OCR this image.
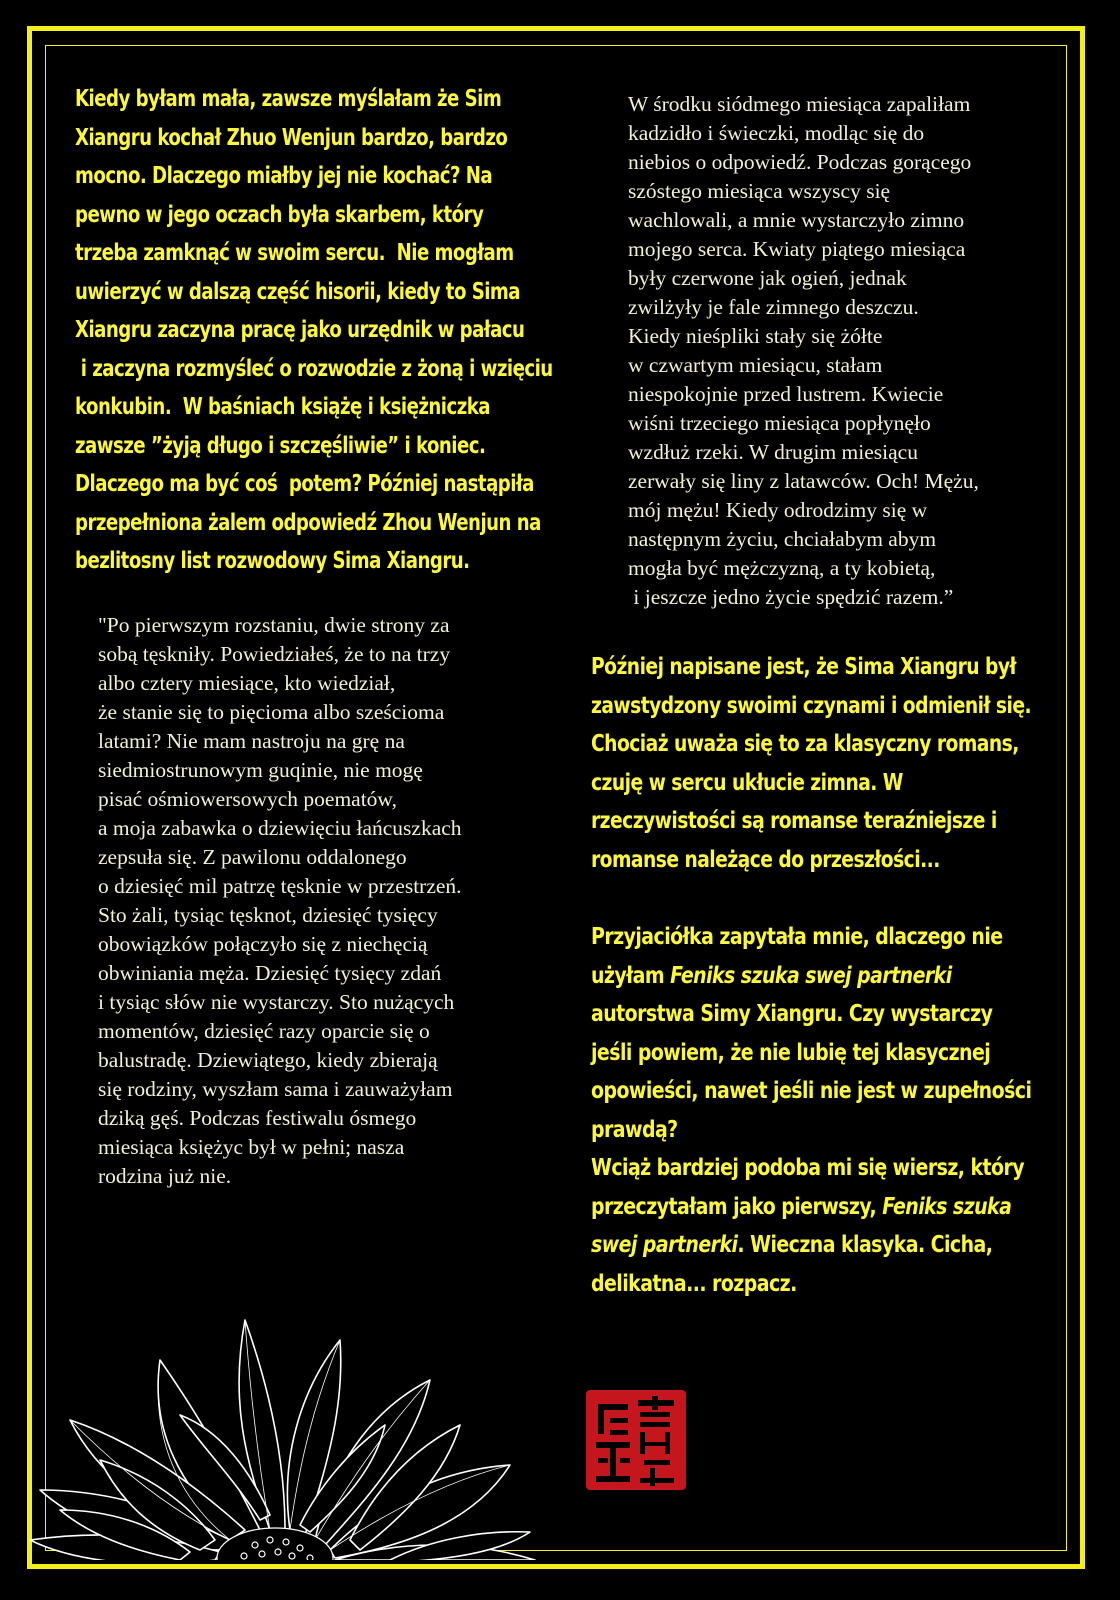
Kiedy byłam mała, zawsze myślałam że Sim

Xiangru kochał Zhuo Wenjun bardzo, bardzo

mocno. Dlaczego miałby jej nie kochać? Na

pewno w jego oczach była skarbem, który

trzeba zamknąć w swoim sercu.  Nie mogłam

uwierzyć w dalszą część hisorii, kiedy to Sima

Xiangru zaczyna pracę jako urzędnik w pałacu

i zaczyna rozmyśleć o rozwodzie z żoną i wzięciu

konkubin.  W baśniach książę i księżniczka

zawsze ”żyją długo i szczęśliwie” i koniec.

Dlaczego ma być coś  potem? Później nastąpiła

przepełniona żalem odpowiedź Zhou Wenjun na

bezlitosny list rozwodowy Sima Xiangru.

W środku siódmego miesiąca zapaliłam

kadzidło i świeczki, modląc się do

niebios o odpowiedź. Podczas gorącego

szóstego miesiąca wszyscy się

wachlowali, a mnie wystarczyło zimno

mojego serca. Kwiaty piątego miesiąca

były czerwone jak ogień, jednak

zwilżyły je fale zimnego deszczu.

Kiedy nieśpliki stały się żółte

w czwartym miesiącu, stałam

niespokojnie przed lustrem. Kwiecie

wiśni trzeciego miesiąca popłynęło

wzdłuż rzeki. W drugim miesiącu

zerwały się liny z latawców. Och! Mężu,

mój mężu! Kiedy odrodzimy się w

następnym życiu, chciałabym abym

mogła być mężczyzną, a ty kobietą,

i jeszcze jedno życie spędzić razem.”

"Po pierwszym rozstaniu, dwie strony za

sobą tęskniły. Powiedziałeś, że to na trzy

albo cztery miesiące, kto wiedział,

że stanie się to pięcioma albo sześcioma

latami? Nie mam nastroju na grę na

siedmiostrunowym guqinie, nie mogę

pisać ośmiowersowych poematów,

a moja zabawka o dziewięciu łańcuszkach

zepsuła się. Z pawilonu oddalonego

o dziesięć mil patrzę tęsknie w przestrzeń.

Sto żali, tysiąc tęsknot, dziesięć tysięcy

obowiązków połączyło się z niechęcią

obwiniania męża. Dziesięć tysięcy zdań

i tysiąc słów nie wystarczy. Sto nużących

momentów, dziesięć razy oparcie się o

balustradę. Dziewiątego, kiedy zbierają

się rodziny, wyszłam sama i zauważyłam

dziką gęś. Podczas festiwalu ósmego

miesiąca księżyc był w pełni; nasza

rodzina już nie.

Później napisane jest, że Sima Xiangru był

zawstydzony swoimi czynami i odmienił się.

Chociaż uważa się to za klasyczny romans,

czuję w sercu ukłucie zimna. W

rzeczywistości są romanse teraźniejsze i

romanse należące do przeszłości...

Przyjaciółka zapytała mnie, dlaczego nie

użyłam Feniks szuka swej partnerki

autorstwa Simy Xiangru. Czy wystarczy

jeśli powiem, że nie lubię tej klasycznej

opowieści, nawet jeśli nie jest w zupełności

prawdą?

Wciąż bardziej podoba mi się wiersz, który

przeczytałam jako pierwszy, Feniks szuka

swej partnerki. Wieczna klasyka. Cicha,

delikatna... rozpacz.
